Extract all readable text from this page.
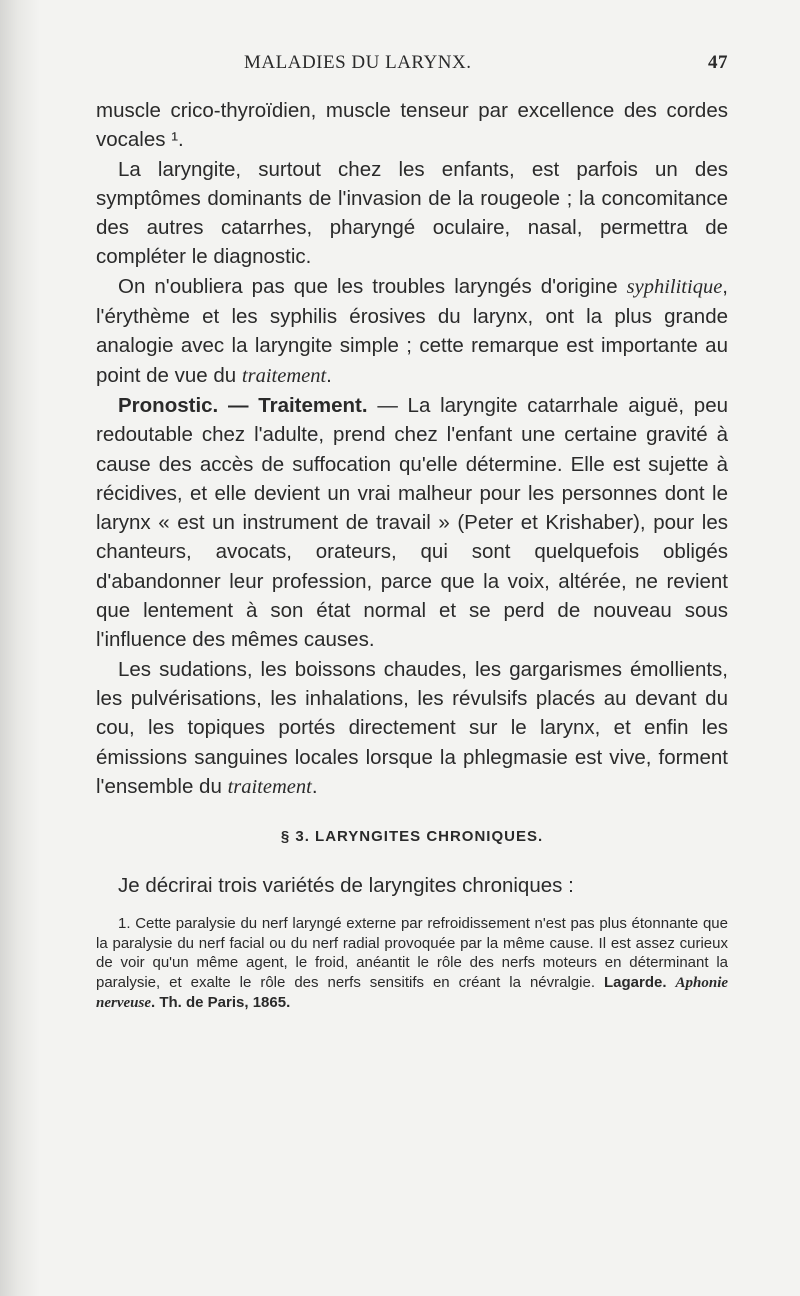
MALADIES DU LARYNX.	47

muscle crico-thyroïdien, muscle tenseur par excellence des cordes vocales ¹.

La laryngite, surtout chez les enfants, est parfois un des symptômes dominants de l'invasion de la rougeole ; la concomitance des autres catarrhes, pharyngé oculaire, nasal, permettra de compléter le diagnostic.

On n'oubliera pas que les troubles laryngés d'origine syphilitique, l'érythème et les syphilis érosives du larynx, ont la plus grande analogie avec la laryngite simple ; cette remarque est importante au point de vue du traitement.

Pronostic. — Traitement. — La laryngite catarrhale aiguë, peu redoutable chez l'adulte, prend chez l'enfant une certaine gravité à cause des accès de suffocation qu'elle détermine. Elle est sujette à récidives, et elle devient un vrai malheur pour les personnes dont le larynx « est un instrument de travail » (Peter et Krishaber), pour les chanteurs, avocats, orateurs, qui sont quelquefois obligés d'abandonner leur profession, parce que la voix, altérée, ne revient que lentement à son état normal et se perd de nouveau sous l'influence des mêmes causes.

Les sudations, les boissons chaudes, les gargarismes émollients, les pulvérisations, les inhalations, les révulsifs placés au devant du cou, les topiques portés directement sur le larynx, et enfin les émissions sanguines locales lorsque la phlegmasie est vive, forment l'ensemble du traitement.

§ 3. LARYNGITES CHRONIQUES.
Je décrirai trois variétés de laryngites chroniques :
1. Cette paralysie du nerf laryngé externe par refroidissement n'est pas plus étonnante que la paralysie du nerf facial ou du nerf radial provoquée par la même cause. Il est assez curieux de voir qu'un même agent, le froid, anéantit le rôle des nerfs moteurs en déterminant la paralysie, et exalte le rôle des nerfs sensitifs en créant la névralgie. Lagarde. Aphonie nerveuse. Th. de Paris, 1865.
